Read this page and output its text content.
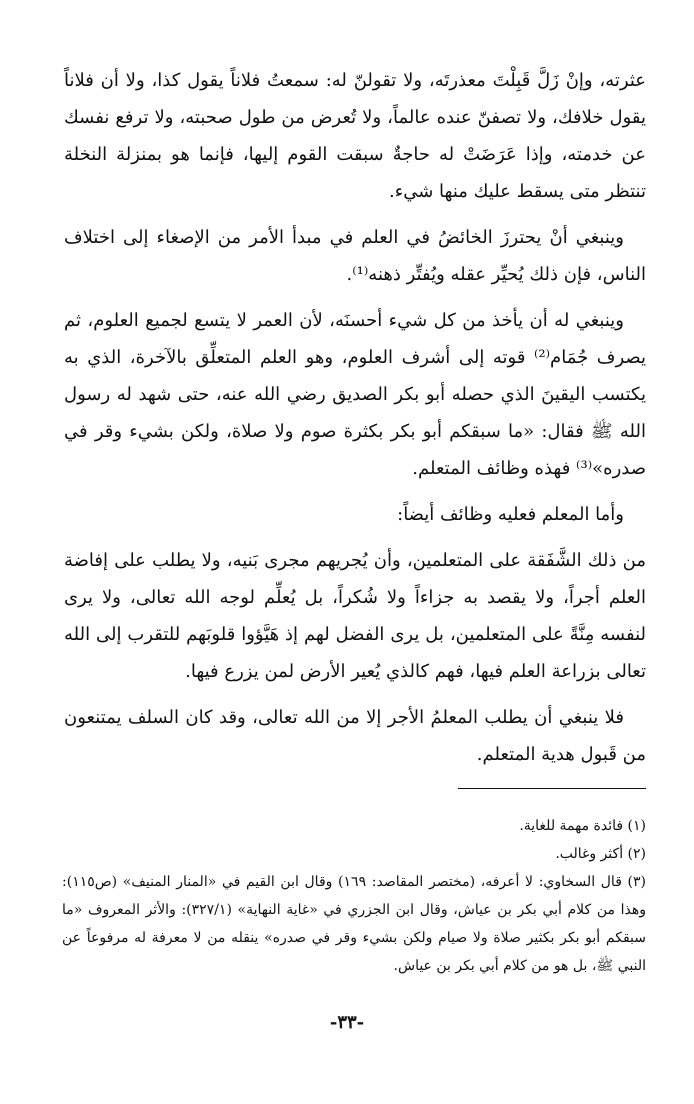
عثرته، وإنْ زَلَّ قَبِلْتَ معذرتَه، ولا تقولنّ له: سمعتُ فلاناً يقول كذا، ولا أن فلاناً يقول خلافك، ولا تصفنّ عنده عالماً، ولا تُعرض من طول صحبته، ولا ترفع نفسك عن خدمته، وإذا عَرَضَتْ له حاجةٌ سبقت القوم إليها، فإنما هو بمنزلة النخلة تنتظر متى يسقط عليك منها شيء.

وينبغي أنْ يحترزَ الخائضُ في العلم في مبدأ الأمر من الإصغاء إلى اختلاف الناس، فإن ذلك يُحيِّر عقله ويُفتِّر ذهنه⁽¹⁾.

وينبغي له أن يأخذ من كل شيء أحسنَه، لأن العمر لا يتسع لجميع العلوم، ثم يصرف جُمَام⁽²⁾ قوته إلى أشرف العلوم، وهو العلم المتعلِّق بالآخرة، الذي به يكتسب اليقينَ الذي حصله أبو بكر الصديق رضي الله عنه، حتى شهد له رسول الله ﷺ فقال: «ما سبقكم أبو بكر بكثرة صوم ولا صلاة، ولكن بشيء وقر في صدره»⁽³⁾ فهذه وظائف المتعلم.

وأما المعلم فعليه وظائف أيضاً:

من ذلك الشَّفَقة على المتعلمين، وأن يُجريهم مجرى بَنيه، ولا يطلب على إفاضة العلم أجراً، ولا يقصد به جزاءاً ولا شُكراً، بل يُعلِّم لوجه الله تعالى، ولا يرى لنفسه مِنَّةً على المتعلمين، بل يرى الفضل لهم إذ هَيَّؤوا قلوبَهم للتقرب إلى الله تعالى بزراعة العلم فيها، فهم كالذي يُعير الأرض لمن يزرع فيها.

فلا ينبغي أن يطلب المعلمُ الأجر إلا من الله تعالى، وقد كان السلف يمتنعون من قَبول هدية المتعلم.

(١) فائدة مهمة للغاية.

(٢) أكثر وغالب.

(٣) قال السخاوي: لا أعرفه، (مختصر المقاصد: ١٦٩) وقال ابن القيم في «المنار المنيف» (ص١١٥): وهذا من كلام أبي بكر بن عياش، وقال ابن الجزري في «غاية النهاية» (٣٢٧/١): والأثر المعروف «ما سبقكم أبو بكر بكثير صلاة ولا صيام ولكن بشيء وقر في صدره» ينقله من لا معرفة له مرفوعاً عن النبي ﷺ، بل هو من كلام أبي بكر بن عياش.

-٣٣-
